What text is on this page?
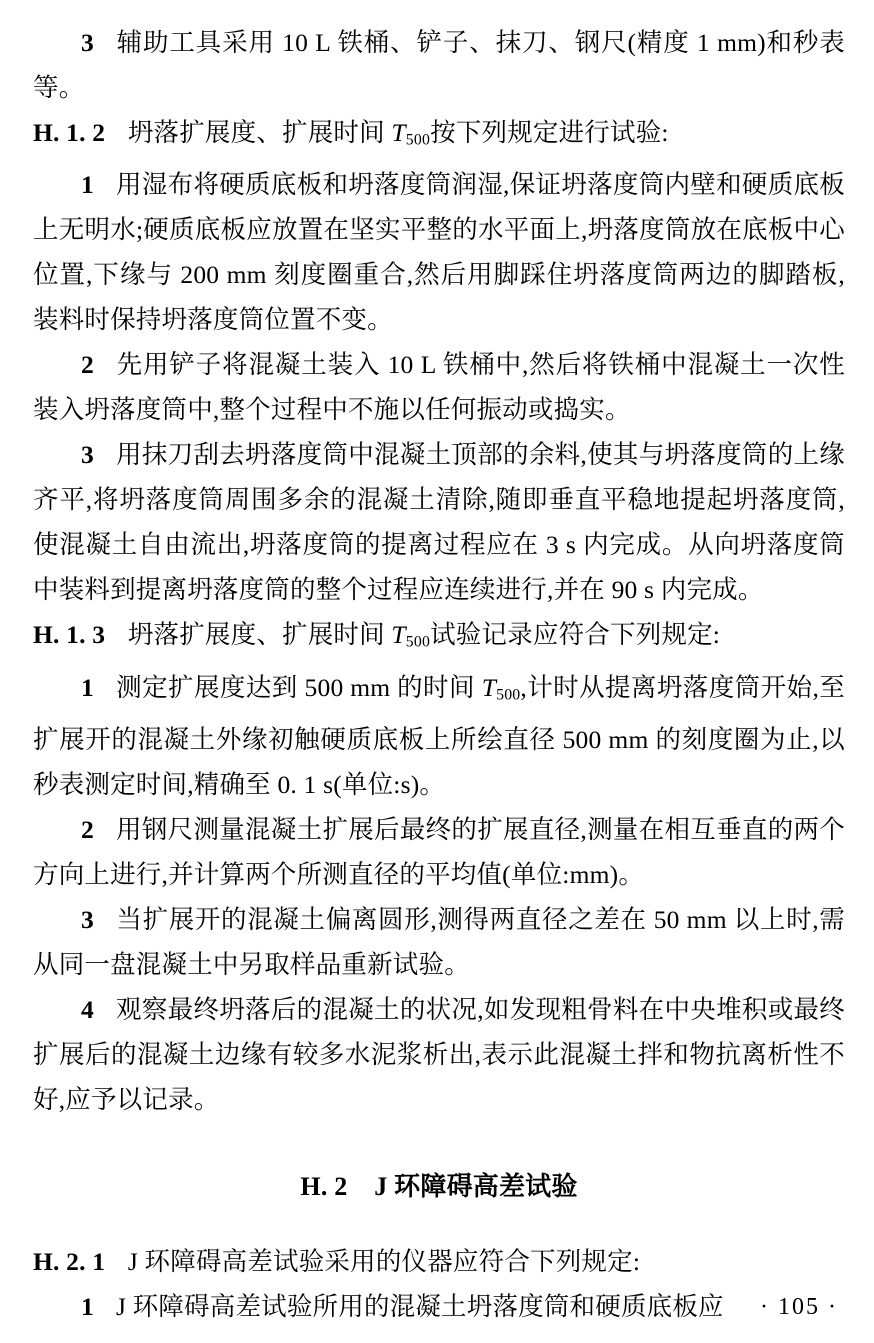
3 辅助工具采用 10 L 铁桶、铲子、抹刀、钢尺(精度 1 mm)和秒表等。

H. 1. 2 坍落扩展度、扩展时间 $T_{500}$按下列规定进行试验:

1 用湿布将硬质底板和坍落度筒润湿,保证坍落度筒内壁和硬质底板上无明水;硬质底板应放置在坚实平整的水平面上,坍落度筒放在底板中心位置,下缘与 200 mm 刻度圈重合,然后用脚踩住坍落度筒两边的脚踏板,装料时保持坍落度筒位置不变。

2 先用铲子将混凝土装入 10 L 铁桶中,然后将铁桶中混凝土一次性装入坍落度筒中,整个过程中不施以任何振动或捣实。

3 用抹刀刮去坍落度筒中混凝土顶部的余料,使其与坍落度筒的上缘齐平,将坍落度筒周围多余的混凝土清除,随即垂直平稳地提起坍落度筒,使混凝土自由流出,坍落度筒的提离过程应在 3 s 内完成。从向坍落度筒中装料到提离坍落度筒的整个过程应连续进行,并在 90 s 内完成。

H. 1. 3 坍落扩展度、扩展时间 $T_{500}$试验记录应符合下列规定:

1 测定扩展度达到 500 mm 的时间 $T_{500}$,计时从提离坍落度筒开始,至扩展开的混凝土外缘初触硬质底板上所绘直径 500 mm 的刻度圈为止,以秒表测定时间,精确至 0. 1 s(单位:s)。

2 用钢尺测量混凝土扩展后最终的扩展直径,测量在相互垂直的两个方向上进行,并计算两个所测直径的平均值(单位:mm)。

3 当扩展开的混凝土偏离圆形,测得两直径之差在 50 mm 以上时,需从同一盘混凝土中另取样品重新试验。

4 观察最终坍落后的混凝土的状况,如发现粗骨料在中央堆积或最终扩展后的混凝土边缘有较多水泥浆析出,表示此混凝土拌和物抗离析性不好,应予以记录。

H. 2 J 环障碍高差试验

H. 2. 1 J 环障碍高差试验采用的仪器应符合下列规定:

1 J 环障碍高差试验所用的混凝土坍落度筒和硬质底板应	· 105 ·
